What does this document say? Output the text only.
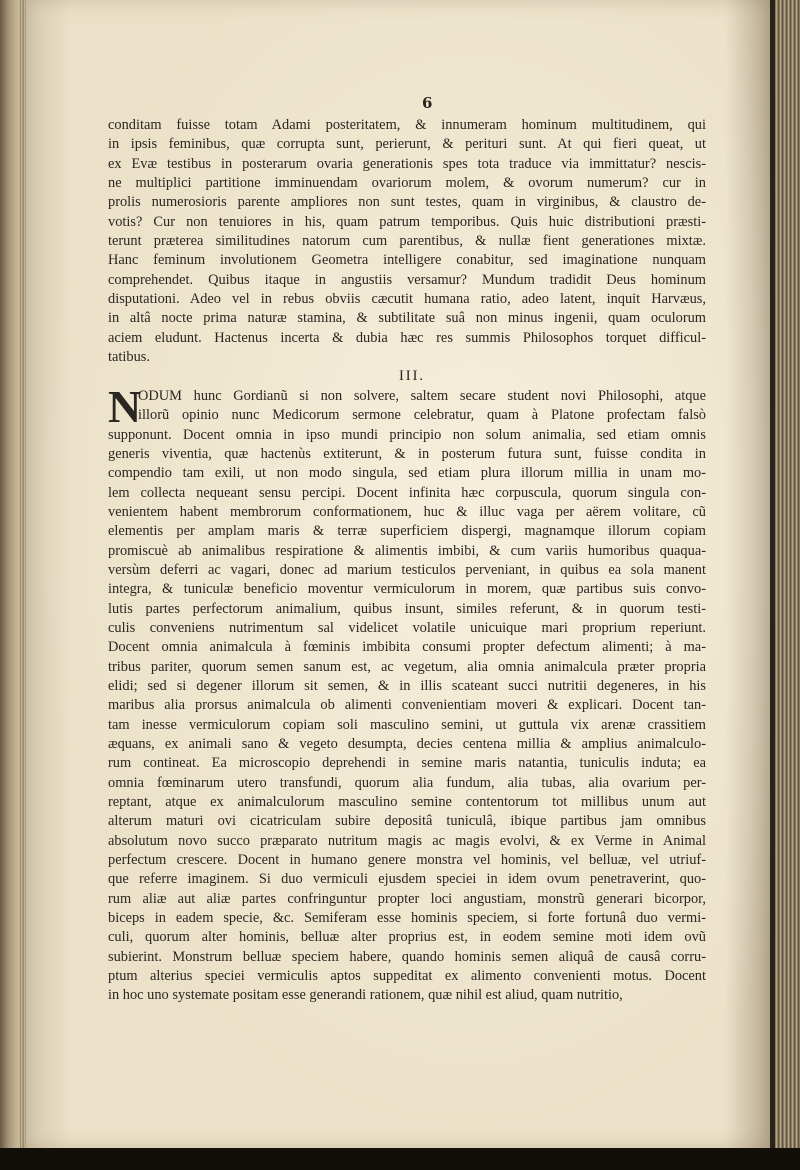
6
conditam fuisse totam Adami posteritatem, & innumeram hominum multitudinem, qui
in ipsis feminibus, quæ corrupta sunt, perierunt, & perituri sunt. At qui fieri queat, ut
ex Evæ testibus in posterarum ovaria generationis spes tota traduce via immittatur? nescis-
ne multiplici partitione imminuendam ovariorum molem, & ovorum numerum? cur in
prolis numerosioris parente ampliores non sunt testes, quam in virginibus, & claustro de-
votis? Cur non tenuiores in his, quam patrum temporibus. Quis huic distributioni præsti-
terunt præterea similitudines natorum cum parentibus, & nullæ fient generationes mixtæ.
Hanc feminum involutionem Geometra intelligere conabitur, sed imaginatione nunquam
comprehendet. Quibus itaque in angustiis versamur? Mundum tradidit Deus hominum
disputationi. Adeo vel in rebus obviis cæcutit humana ratio, adeo latent, inquit Harvæus,
in altâ nocte prima naturæ stamina, & subtilitate suâ non minus ingenii, quam oculorum
aciem eludunt. Hactenus incerta & dubia hæc res summis Philosophos torquet difficul-
tatibus.
III.
ODUM hunc Gordianũ si non solvere, saltem secare student novi Philosophi, atque
illorũ opinio nunc Medicorum sermone celebratur, quam à Platone profectam falsò
supponunt. Docent omnia in ipso mundi principio non solum animalia, sed etiam omnis
generis viventia, quæ hactenùs extiterunt, & in posterum futura sunt, fuisse condita in
compendio tam exili, ut non modo singula, sed etiam plura illorum millia in unam mo-
lem collecta nequeant sensu percipi. Docent infinita hæc corpuscula, quorum singula con-
venientem habent membrorum conformationem, huc & illuc vaga per aërem volitare, cũ
elementis per amplam maris & terræ superficiem dispergi, magnamque illorum copiam
promiscuè ab animalibus respiratione & alimentis imbibi, & cum variis humoribus quaqua-
versùm deferri ac vagari, donec ad marium testiculos perveniant, in quibus ea sola manent
integra, & tuniculæ beneficio moventur vermiculorum in morem, quæ partibus suis convo-
lutis partes perfectorum animalium, quibus insunt, similes referunt, & in quorum testi-
culis conveniens nutrimentum sal videlicet volatile unicuique mari proprium reperiunt.
Docent omnia animalcula à fœminis imbibita consumi propter defectum alimenti; à ma-
tribus pariter, quorum semen sanum est, ac vegetum, alia omnia animalcula præter propria
elidi; sed si degener illorum sit semen, & in illis scateant succi nutritii degeneres, in his
maribus alia prorsus animalcula ob alimenti convenientiam moveri & explicari. Docent tan-
tam inesse vermiculorum copiam soli masculino semini, ut guttula vix arenæ crassitiem
æquans, ex animali sano & vegeto desumpta, decies centena millia & amplius animalculo-
rum contineat. Ea microscopio deprehendi in semine maris natantia, tuniculis induta; ea
omnia fœminarum utero transfundi, quorum alia fundum, alia tubas, alia ovarium per-
reptant, atque ex animalculorum masculino semine contentorum tot millibus unum aut
alterum maturi ovi cicatriculam subire depositâ tuniculâ, ibique partibus jam omnibus
absolutum novo succo præparato nutritum magis ac magis evolvi, & ex Verme in Animal
perfectum crescere. Docent in humano genere monstra vel hominis, vel belluæ, vel utriuf-
que referre imaginem. Si duo vermiculi ejusdem speciei in idem ovum penetraverint, quo-
rum aliæ aut aliæ partes confringuntur propter loci angustiam, monstrũ generari bicorpor,
biceps in eadem specie, &c. Semiferam esse hominis speciem, si forte fortunâ duo vermi-
culi, quorum alter hominis, belluæ alter proprius est, in eodem semine moti idem ovũ
subierint. Monstrum belluæ speciem habere, quando hominis semen aliquâ de causâ corru-
ptum alterius speciei vermiculis aptos suppeditat ex alimento convenienti motus. Docent
in hoc uno systemate positam esse generandi rationem, quæ nihil est aliud, quam nutritio,
N
